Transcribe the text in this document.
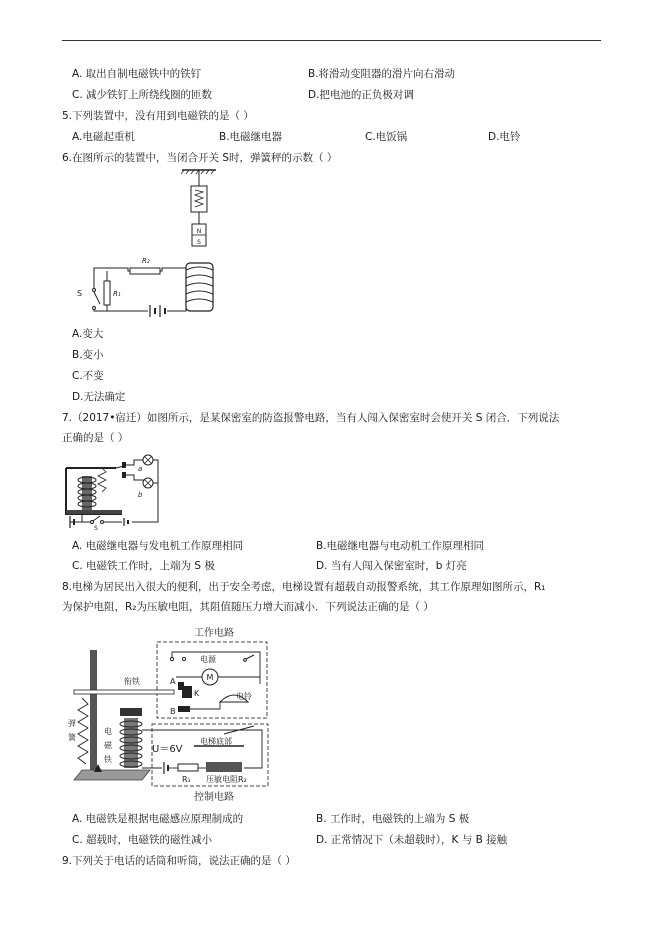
A. 取出自制电磁铁中的铁钉	B.将滑动变阻器的滑片向右滑动
C. 减少铁钉上所绕线圈的匝数	D.把电池的正负极对调
5.下列装置中，没有用到电磁铁的是（ ）
A.电磁起重机	B.电磁继电器	C.电饭锅	D.电铃
6.在图所示的装置中，当闭合开关 S时，弹簧秤的示数（ ）
N
S
R₂
R₁
S
A.变大
B.变小
C.不变
D.无法确定
7.（2017•宿迁）如图所示，是某保密室的防盗报警电路，当有人闯入保密室时会使开关 S 闭合．下列说法
正确的是（ ）
a
b
S
A. 电磁继电器与发电机工作原理相同	B.电磁继电器与电动机工作原理相同
C. 电磁铁工作时，上端为 S 极	D. 当有人闯入保密室时，b 灯亮
8.电梯为居民出入很大的便利，出于安全考虑，电梯设置有超载自动报警系统，其工作原理如图所示，R₁
为保护电阻，R₂为压敏电阻，其阻值随压力增大而减小．下列说法正确的是（ ）
工作电路
电源
M
衔铁	A
K
B
电铃
弹
簧
电
磁
铁
U＝6V
电梯底部
压敏电阻R₂
R₁
控制电路
A. 电磁铁是根据电磁感应原理制成的	B. 工作时，电磁铁的上端为 S 极
C. 超载时，电磁铁的磁性减小	D. 正常情况下（未超载时），K 与 B 接触
9.下列关于电话的话筒和听筒，说法正确的是（ ）
